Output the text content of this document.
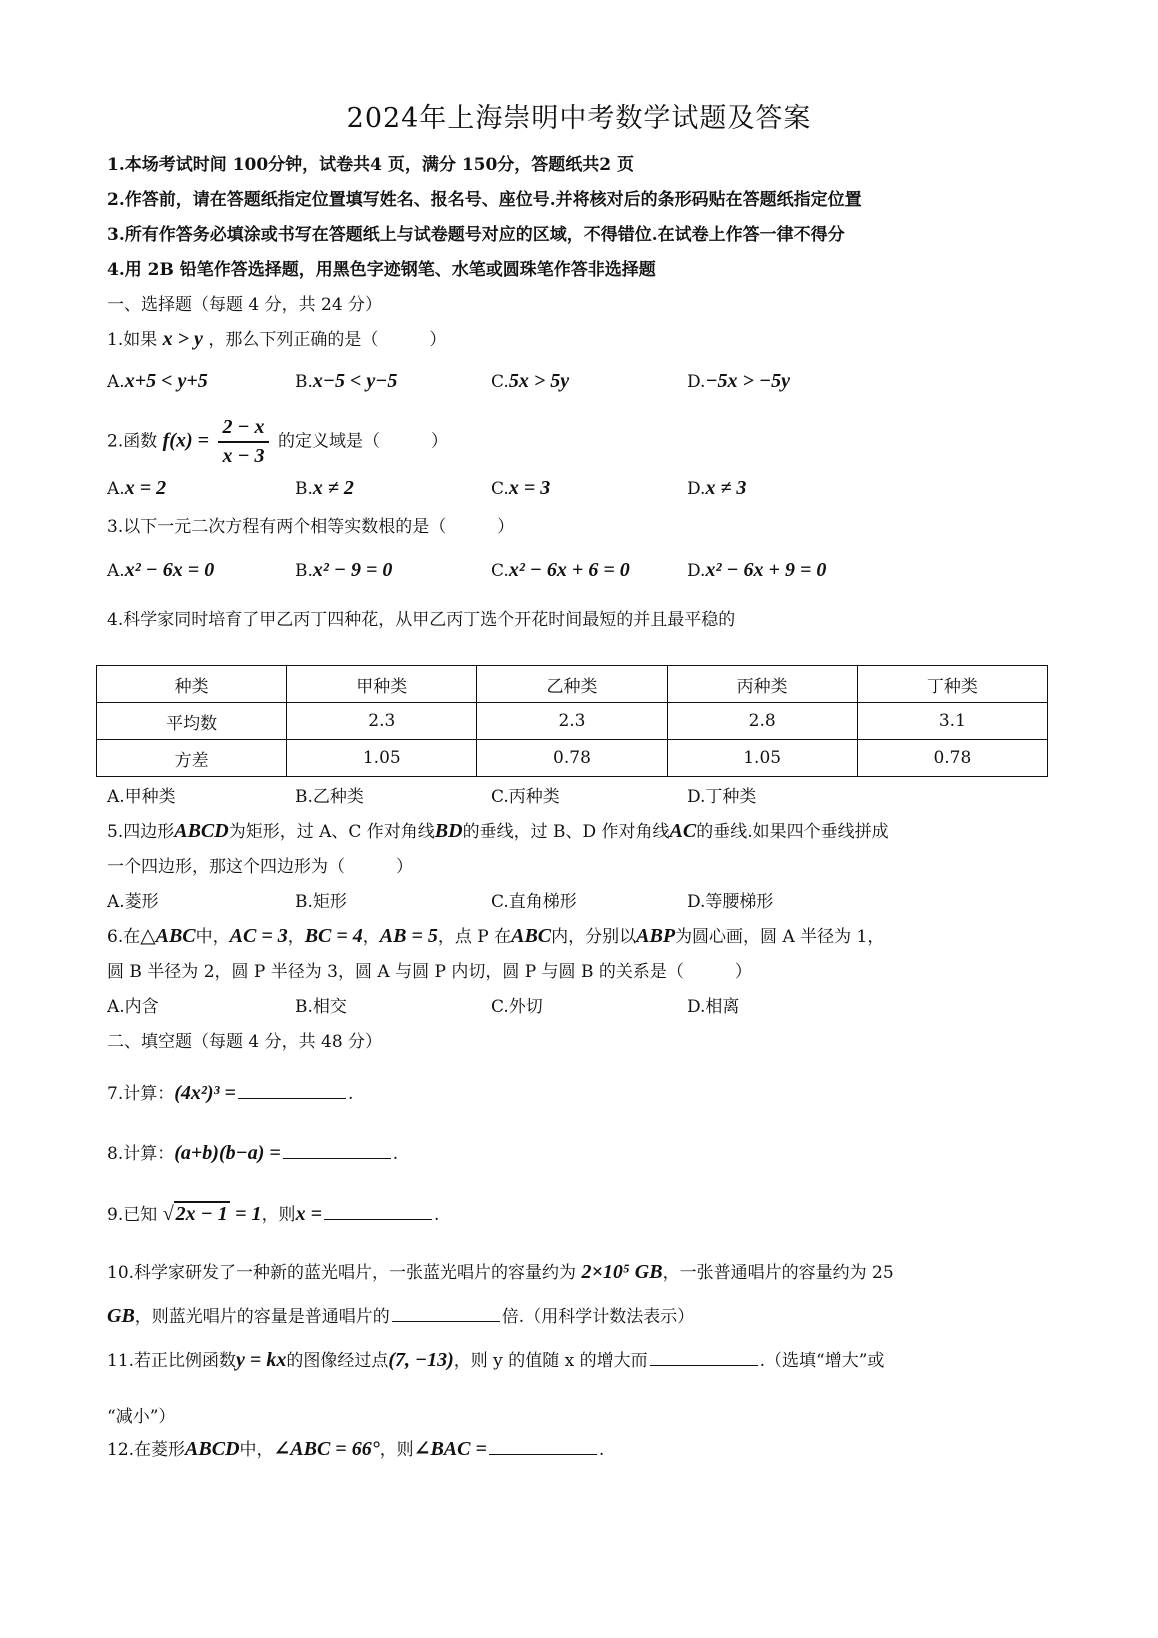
2024年上海崇明中考数学试题及答案
1.本场考试时间 100分钟，试卷共4 页，满分 150分，答题纸共2 页
2.作答前，请在答题纸指定位置填写姓名、报名号、座位号.并将核对后的条形码贴在答题纸指定位置
3.所有作答务必填涂或书写在答题纸上与试卷题号对应的区域，不得错位.在试卷上作答一律不得分
4.用 2B 铅笔作答选择题，用黑色字迹钢笔、水笔或圆珠笔作答非选择题
一、选择题（每题 4 分，共 24 分）
1.如果 x > y ，那么下列正确的是（　　　）
A.x+5 < y+5	B.x−5 < y−5	C.5x > 5y	D.−5x > −5y
2.函数 $f(x) = \frac{2 - x}{x - 3}$ 的定义域是（　　　）
A.x = 2	B.x ≠ 2	C.x = 3	D.x ≠ 3
3.以下一元二次方程有两个相等实数根的是（　　　）
A.x² − 6x = 0	B.x² − 9 = 0	C.x² − 6x + 6 = 0	D.x² − 6x + 9 = 0
4.科学家同时培育了甲乙丙丁四种花，从甲乙丙丁选个开花时间最短的并且最平稳的
种类	甲种类	乙种类	丙种类	丁种类
平均数	2.3	2.3	2.8	3.1
方差	1.05	0.78	1.05	0.78
A.甲种类	B.乙种类	C.丙种类	D.丁种类
5.四边形ABCD为矩形，过 A、C 作对角线BD的垂线，过 B、D 作对角线AC的垂线.如果四个垂线拼成
一个四边形，那这个四边形为（　　　）
A.菱形	B.矩形	C.直角梯形	D.等腰梯形
6.在△ABC中，AC = 3，BC = 4，AB = 5，点 P 在ABC内，分别以ABP为圆心画，圆 A 半径为 1，
圆 B 半径为 2，圆 P 半径为 3，圆 A 与圆 P 内切，圆 P 与圆 B 的关系是（　　　）
A.内含	B.相交	C.外切	D.相离
二、填空题（每题 4 分，共 48 分）
7.计算：(4x²)³ =	.
8.计算：(a+b)(b−a) =	.
9.已知 √ 2x − 1 = 1，则x =	.
10.科学家研发了一种新的蓝光唱片，一张蓝光唱片的容量约为 2×10⁵ GB，一张普通唱片的容量约为 25
GB，则蓝光唱片的容量是普通唱片的	倍.（用科学计数法表示）
11.若正比例函数y = kx的图像经过点(7, −13)，则 y 的值随 x 的增大而	.（选填“增大”或
“减小”）
12.在菱形ABCD中，∠ABC = 66°，则∠BAC =	.
